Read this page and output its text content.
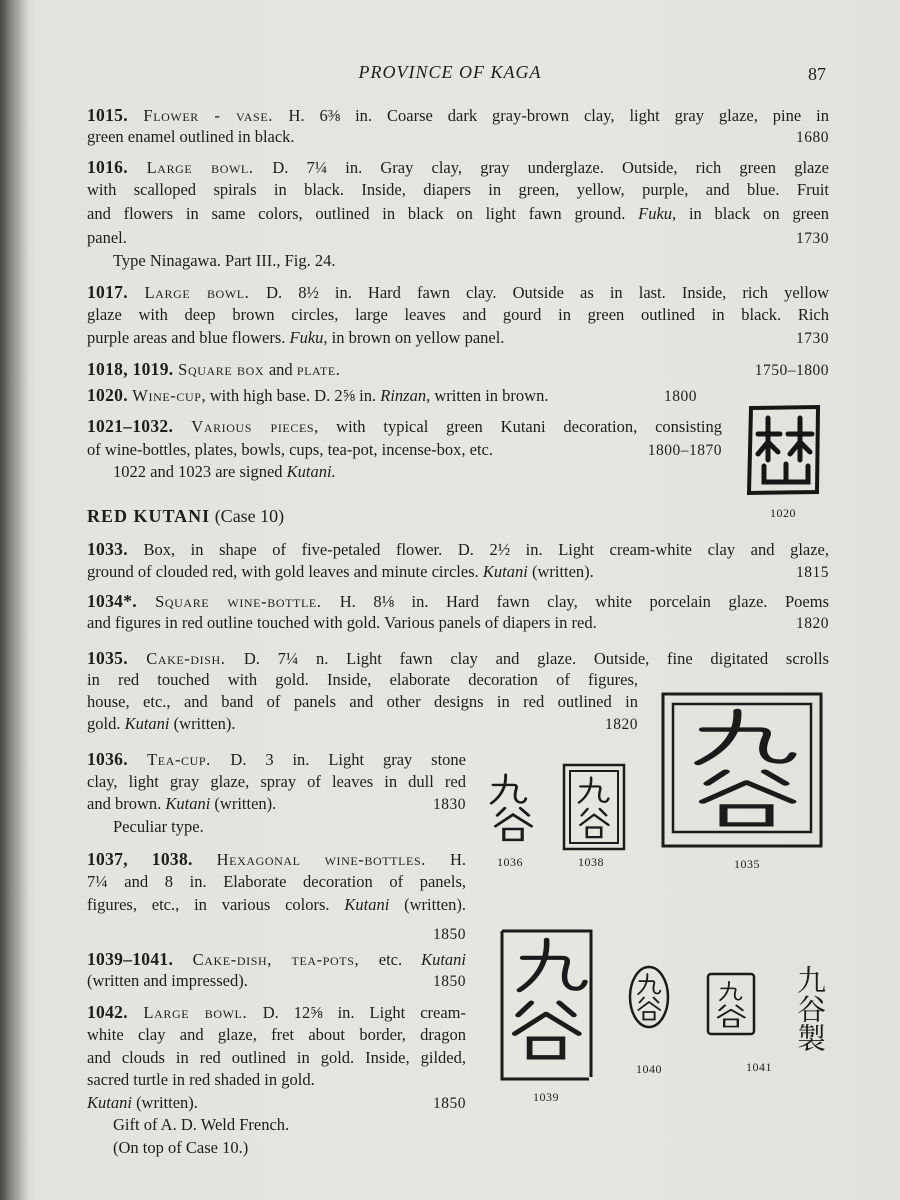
PROVINCE OF KAGA	87
RED KUTANI (Case 10)
1015. Flower - vase. H. 6⅜ in. Coarse dark gray-brown clay, light gray glaze, pine in
green enamel outlined in black.	1680
1016. Large bowl. D. 7¼ in. Gray clay, gray underglaze. Outside, rich green glaze
with scalloped spirals in black. Inside, diapers in green, yellow, purple, and blue. Fruit
and flowers in same colors, outlined in black on light fawn ground. Fuku, in black on green
panel.	1730
Type Ninagawa. Part III., Fig. 24.
1017. Large bowl. D. 8½ in. Hard fawn clay. Outside as in last. Inside, rich yellow
glaze with deep brown circles, large leaves and gourd in green outlined in black. Rich
purple areas and blue flowers. Fuku, in brown on yellow panel.	1730
1018, 1019. Square box and plate.	1750–1800
1020. Wine-cup, with high base. D. 2⅝ in. Rinzan, written in brown.	1800
1021–1032. Various pieces, with typical green Kutani decoration, consisting
of wine-bottles, plates, bowls, cups, tea-pot, incense-box, etc.	1800–1870
1022 and 1023 are signed Kutani.
1033. Box, in shape of five-petaled flower. D. 2½ in. Light cream-white clay and glaze,
ground of clouded red, with gold leaves and minute circles. Kutani (written).	1815
1034*. Square wine-bottle. H. 8⅛ in. Hard fawn clay, white porcelain glaze. Poems
and figures in red outline touched with gold. Various panels of diapers in red.	1820
1035. Cake-dish. D. 7¼ n. Light fawn clay and glaze. Outside, fine digitated scrolls
in red touched with gold. Inside, elaborate decoration of figures,
house, etc., and band of panels and other designs in red outlined in
gold. Kutani (written).	1820
1036. Tea-cup. D. 3 in. Light gray stone
clay, light gray glaze, spray of leaves in dull red
and brown. Kutani (written).	1830
Peculiar type.
1037, 1038. Hexagonal wine-bottles. H.
7¼ and 8 in. Elaborate decoration of panels,
figures, etc., in various colors. Kutani (written).
1850
1039–1041. Cake-dish, tea-pots, etc. Kutani
(written and impressed).	1850
1042. Large bowl. D. 12⅝ in. Light cream-
white clay and glaze, fret about border, dragon
and clouds in red outlined in gold. Inside, gilded,
sacred turtle in red shaded in gold.
Kutani (written).	1850
Gift of A. D. Weld French.
(On top of Case 10.)
1020
1036	1038	1035
1039
1040	1041
九谷製
